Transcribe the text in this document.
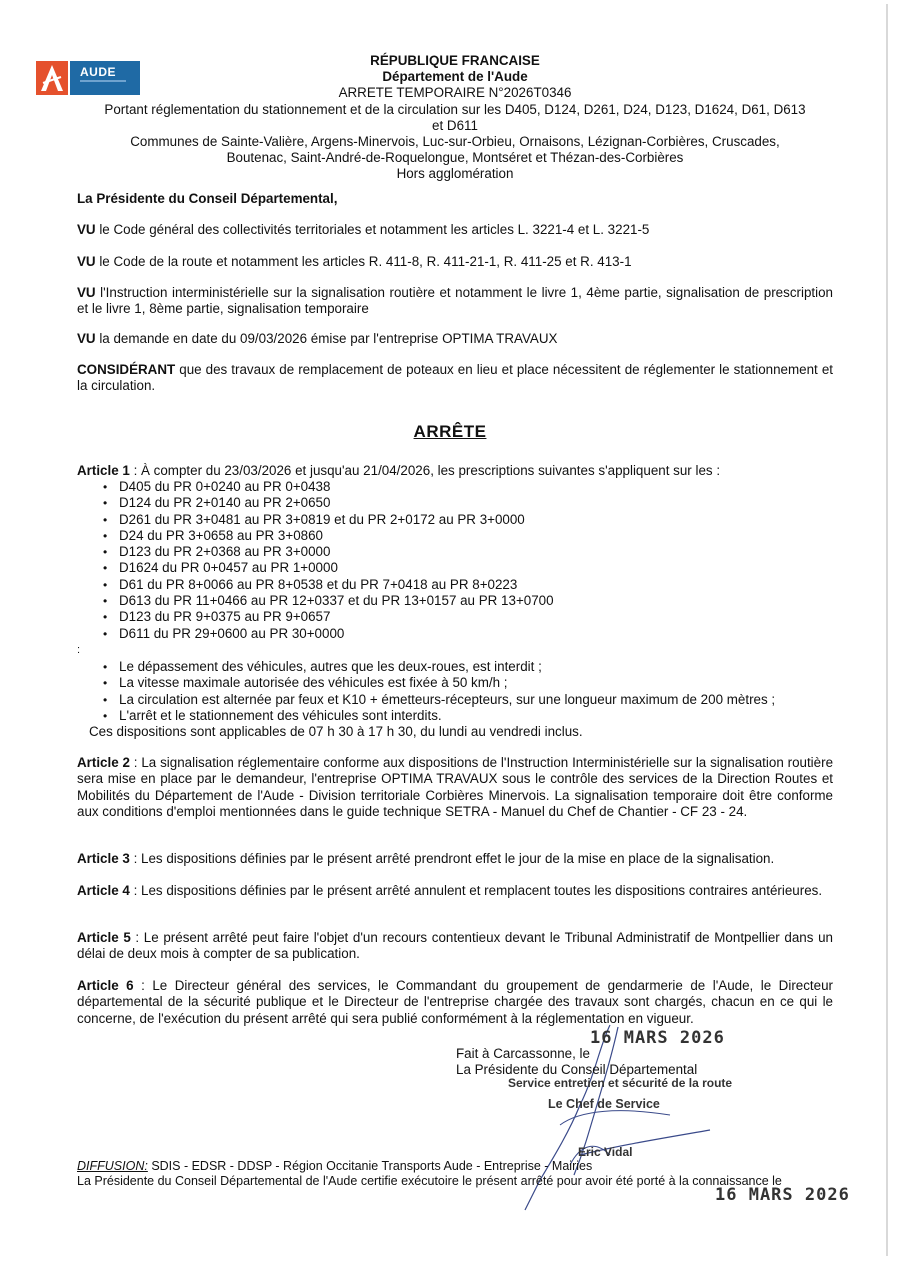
AUDE
RÉPUBLIQUE FRANCAISE
Département de l'Aude
ARRETE TEMPORAIRE N°2026T0346
Portant réglementation du stationnement et de la circulation sur les D405, D124, D261, D24, D123, D1624, D61, D613
et D611
Communes de Sainte-Valière, Argens-Minervois, Luc-sur-Orbieu, Ornaisons, Lézignan-Corbières, Cruscades,
Boutenac, Saint-André-de-Roquelongue, Montséret et Thézan-des-Corbières
Hors agglomération
La Présidente du Conseil Départemental,
VU le Code général des collectivités territoriales et notamment les articles L. 3221-4 et L. 3221-5
VU le Code de la route et notamment les articles R. 411-8, R. 411-21-1, R. 411-25 et R. 413-1
VU l'Instruction interministérielle sur la signalisation routière et notamment le livre 1, 4ème partie, signalisation de prescription et le livre 1, 8ème partie, signalisation temporaire
VU la demande en date du 09/03/2026 émise par l'entreprise OPTIMA TRAVAUX
CONSIDÉRANT que des travaux de remplacement de poteaux en lieu et place nécessitent de réglementer le stationnement et la circulation.
ARRÊTE
Article 1 : À compter du 23/03/2026 et jusqu'au 21/04/2026, les prescriptions suivantes s'appliquent sur les :
• D405 du PR 0+0240 au PR 0+0438
• D124 du PR 2+0140 au PR 2+0650
• D261 du PR 3+0481 au PR 3+0819 et du PR 2+0172 au PR 3+0000
• D24 du PR 3+0658 au PR 3+0860
• D123 du PR 2+0368 au PR 3+0000
• D1624 du PR 0+0457 au PR 1+0000
• D61 du PR 8+0066 au PR 8+0538 et du PR 7+0418 au PR 8+0223
• D613 du PR 11+0466 au PR 12+0337 et du PR 13+0157 au PR 13+0700
• D123 du PR 9+0375 au PR 9+0657
• D611 du PR 29+0600 au PR 30+0000
:
• Le dépassement des véhicules, autres que les deux-roues, est interdit ;
• La vitesse maximale autorisée des véhicules est fixée à 50 km/h ;
• La circulation est alternée par feux et K10 + émetteurs-récepteurs, sur une longueur maximum de 200 mètres ;
• L'arrêt et le stationnement des véhicules sont interdits.
Ces dispositions sont applicables de 07 h 30 à 17 h 30, du lundi au vendredi inclus.
Article 2 : La signalisation réglementaire conforme aux dispositions de l'Instruction Interministérielle sur la signalisation routière sera mise en place par le demandeur, l'entreprise OPTIMA TRAVAUX sous le contrôle des services de la Direction Routes et Mobilités du Département de l'Aude - Division territoriale Corbières Minervois. La signalisation temporaire doit être conforme aux conditions d'emploi mentionnées dans le guide technique SETRA - Manuel du Chef de Chantier - CF 23 - 24.
Article 3 : Les dispositions définies par le présent arrêté prendront effet le jour de la mise en place de la signalisation.
Article 4 : Les dispositions définies par le présent arrêté annulent et remplacent toutes les dispositions contraires antérieures.
Article 5 : Le présent arrêté peut faire l'objet d'un recours contentieux devant le Tribunal Administratif de Montpellier dans un délai de deux mois à compter de sa publication.
Article 6 : Le Directeur général des services, le Commandant du groupement de gendarmerie de l'Aude, le Directeur départemental de la sécurité publique et le Directeur de l'entreprise chargée des travaux sont chargés, chacun en ce qui le concerne, de l'exécution du présent arrêté qui sera publié conformément à la réglementation en vigueur.
16 MARS 2026
Fait à Carcassonne, le
La Présidente du Conseil Départemental
Service entretien et sécurité de la route
Le Chef de Service
Eric Vidal
DIFFUSION: SDIS - EDSR - DDSP - Région Occitanie Transports Aude - Entreprise - Mairies
La Présidente du Conseil Départemental de l'Aude certifie exécutoire le présent arrêté pour avoir été porté à la connaissance le
16 MARS 2026
